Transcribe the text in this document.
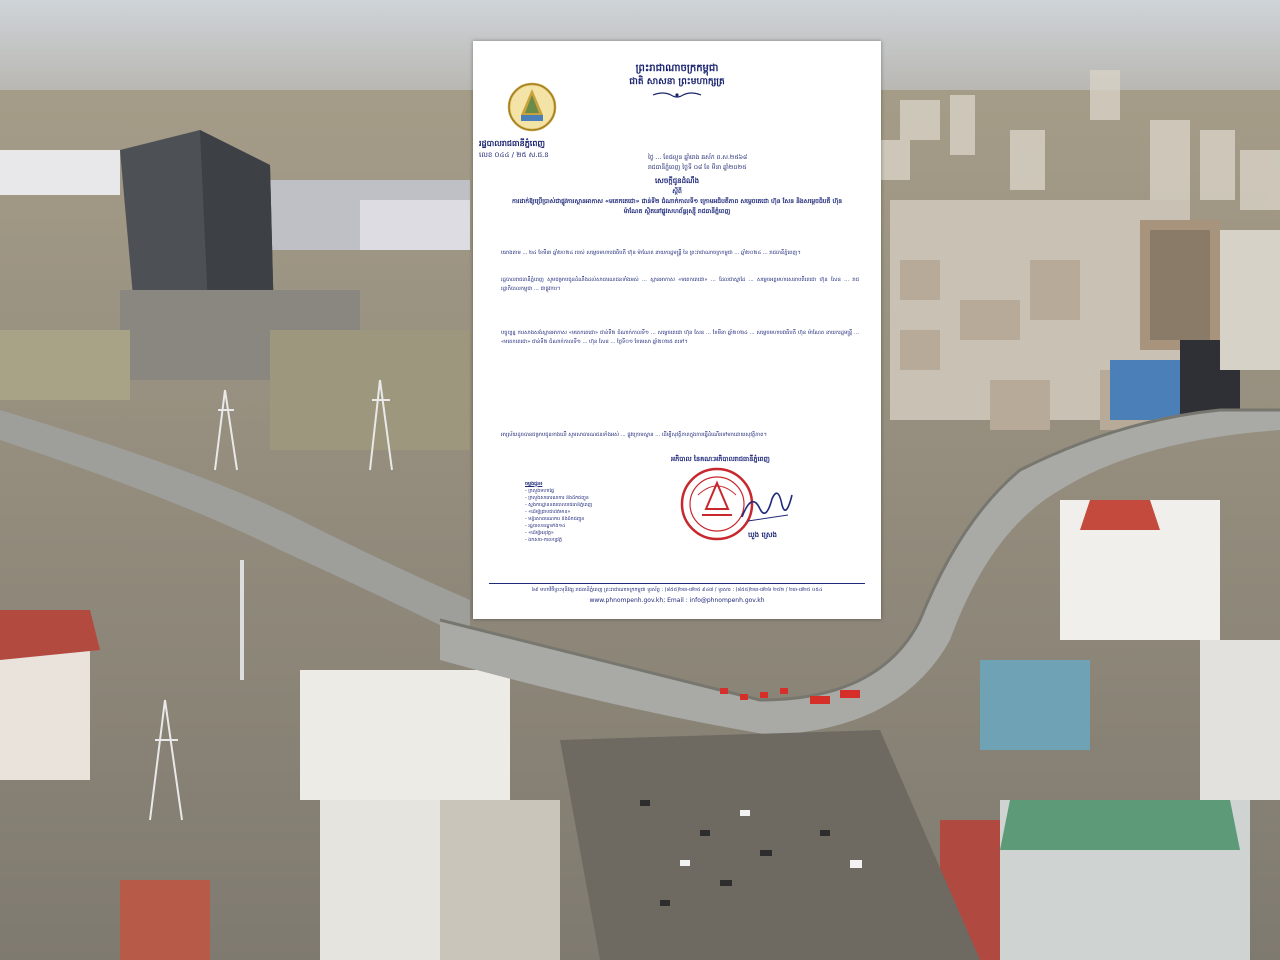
ព្រះរាជាណាចក្រកម្ពុជា
ជាតិ សាសនា ព្រះមហាក្សត្រ
រដ្ឋបាលរាជធានីភ្នំពេញ
លេខ ០៤៤ / ២៥ ស.ជ.ន	ថ្ងៃ ... ខែផល្គុន ឆ្នាំរោង ឆស័ក ព.ស.២៥៦៨
រាជធានីភ្នំពេញ ថ្ងៃទី ០៨ ខែ មីនា ឆ្នាំ២០២៥
សេចក្តីជូនដំណឹង
ស្តីពី
ការដាក់ឱ្យប្រើប្រាស់ជាផ្លូវការស្ពានអាកាស «មតេកតេជោ» ជាន់ទី២ ជំណាក់កាលទី១ ក្រោមអធិបតីភាព សម្តេចតេជោ ហ៊ុន សែន និងសម្តេចធិបតី ហ៊ុន ម៉ាណែត ស្ថិតនៅផ្លូវសហព័ន្ធរុស្ស៊ី រាជធានីភ្នំពេញ
យោងតាម ... ២៤ ខែមីនា ឆ្នាំ២០២៤ របស់ សម្តេចមហាបវរធិបតី ហ៊ុន ម៉ាណែត នាយករដ្ឋមន្ត្រី នៃ ព្រះរាជាណាចក្រកម្ពុជា ... ឆ្នាំ២០២៤ ... រាជធានីភ្នំពេញ។
រដ្ឋបាលរាជធានីភ្នំពេញ សូមជម្រាបជូនដំណឹងដល់សាធារណជនទាំងអស់ ... ស្ពានអាកាស «មតេកតេជោ» ... ដែលជាស្នាដៃ ... សម្តេចអគ្គមហាសេនាបតីតេជោ ហ៊ុន សែន ... រាជរដ្ឋាភិបាលកម្ពុជា ... ជាផ្លូវការ។
បច្ចុប្បន្ន ការសាងសង់ស្ពានអាកាស «មតេកតេជោ» ជាន់ទី២ ជំណាក់កាលទី១ ... សម្តេចតេជោ ហ៊ុន សែន ... ខែមីនា ឆ្នាំ២០២៤ ... សម្តេចមហាបវរធិបតី ហ៊ុន ម៉ាណែត នាយករដ្ឋមន្ត្រី ... «មតេកតេជោ» ជាន់ទី២ ជំណាក់កាលទី១ ... ហ៊ុន សែន ... ថ្ងៃទី០១ ខែមេសា ឆ្នាំ២០២៥ តទៅ។
អាស្រ័យដូចបានជម្រាបជូនខាងលើ សូមសាធារណជនទាំងអស់ ... ផ្លូវក្រោមស្ពាន ... ដើម្បីសុវត្ថិភាពក្នុងការធ្វើដំណើរទៅមកដោយសុវត្ថិភាព។
ចម្លងជូន៖
- ក្រសួងមហាផ្ទៃ
- ក្រសួងសាធារណការ និងដឹកជញ្ជូន
- ស្នងការដ្ឋាននគរបាលរាជធានីភ្នំពេញ
- «ដើម្បីជ្រាបជាព័ត៌មាន»
- មន្ទីរសាធារណការ និងដឹកជញ្ជូន
- រដ្ឋបាលខណ្ឌទាំង១៤
- «ដើម្បីអនុវត្ត»
- ឯកសារ-កាលប្បវត្តិ
អភិបាល នៃគណៈអភិបាលរាជធានីភ្នំពេញ
ឃួង ស្រេង
៦៩ មហាវិថីព្រះមុនីវង្ស រាជធានីភ្នំពេញ ព្រះរាជាណាចក្រកម្ពុជា ទូរស័ព្ទ : (៨៥៥)២៣-៧២៥ ៩៤៧ / ទូរសារ : (៨៥៥)២៣-៧២៦ ២៥២ / ២៣-៧២៥ ០៥៤
www.phnompenh.gov.kh; Email : info@phnompenh.gov.kh
